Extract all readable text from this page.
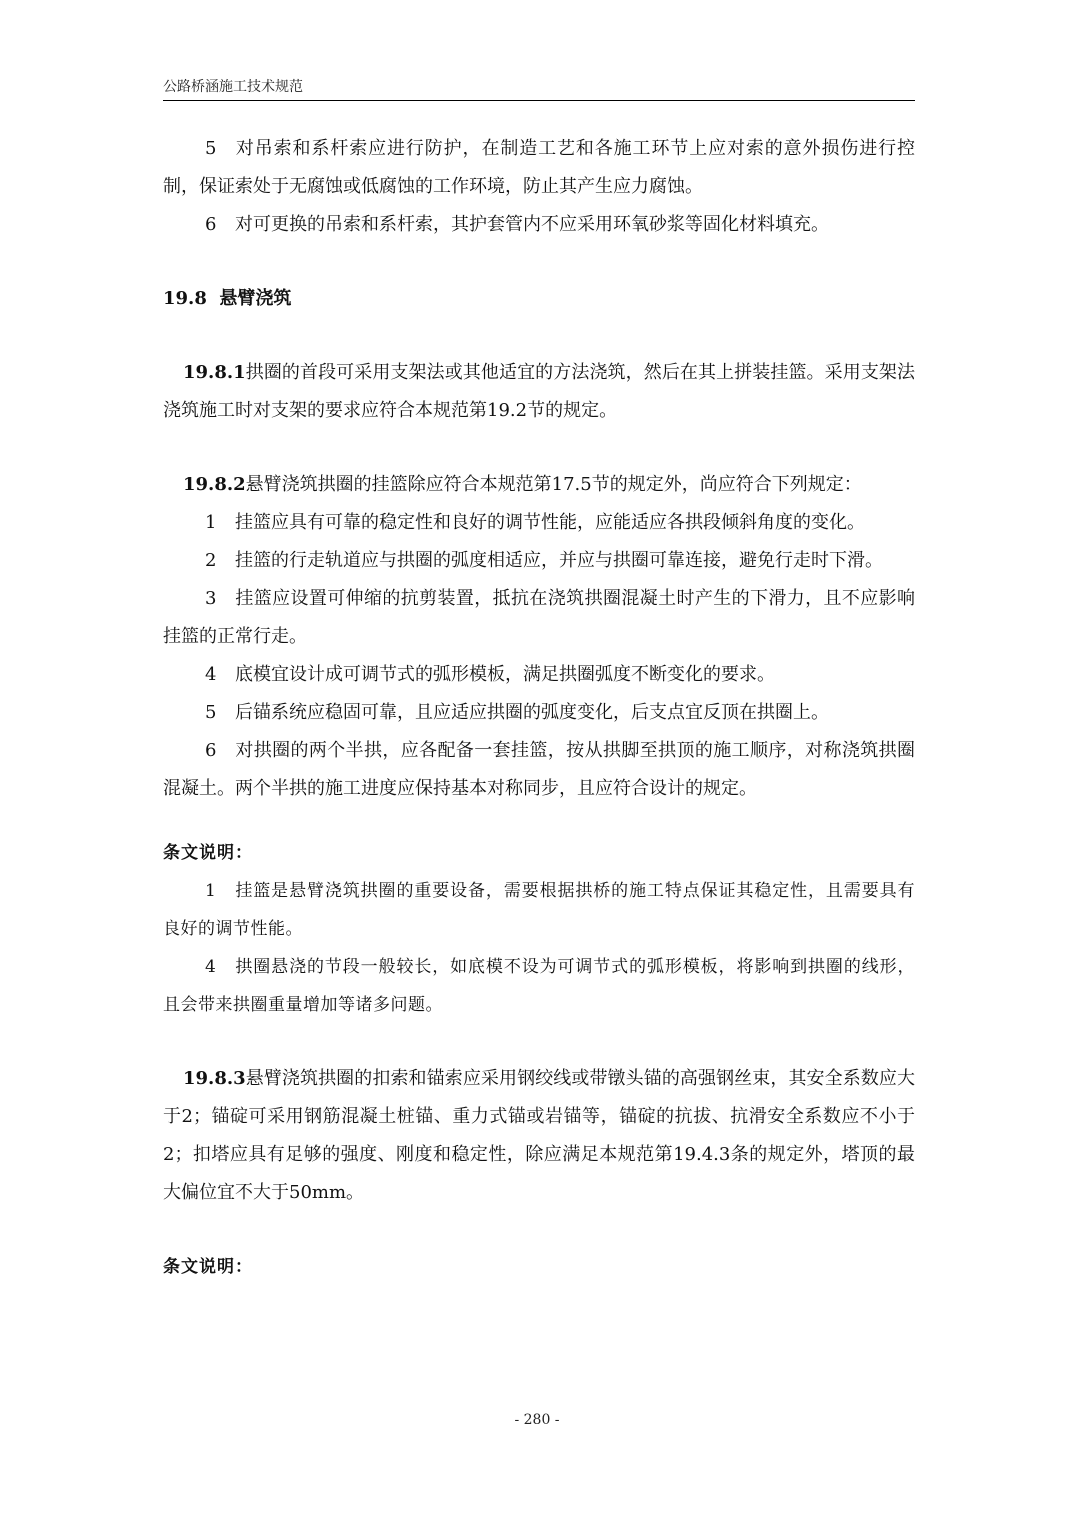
公路桥涵施工技术规范

5 对吊索和系杆索应进行防护，在制造工艺和各施工环节上应对索的意外损伤进行控制，保证索处于无腐蚀或低腐蚀的工作环境，防止其产生应力腐蚀。

6 对可更换的吊索和系杆索，其护套管内不应采用环氧砂浆等固化材料填充。

19.8 悬臂浇筑

19.8.1拱圈的首段可采用支架法或其他适宜的方法浇筑，然后在其上拼装挂篮。采用支架法浇筑施工时对支架的要求应符合本规范第19.2节的规定。

19.8.2悬臂浇筑拱圈的挂篮除应符合本规范第17.5节的规定外，尚应符合下列规定：

1 挂篮应具有可靠的稳定性和良好的调节性能，应能适应各拱段倾斜角度的变化。

2 挂篮的行走轨道应与拱圈的弧度相适应，并应与拱圈可靠连接，避免行走时下滑。

3 挂篮应设置可伸缩的抗剪装置，抵抗在浇筑拱圈混凝土时产生的下滑力，且不应影响挂篮的正常行走。

4 底模宜设计成可调节式的弧形模板，满足拱圈弧度不断变化的要求。

5 后锚系统应稳固可靠，且应适应拱圈的弧度变化，后支点宜反顶在拱圈上。

6 对拱圈的两个半拱，应各配备一套挂篮，按从拱脚至拱顶的施工顺序，对称浇筑拱圈混凝土。两个半拱的施工进度应保持基本对称同步，且应符合设计的规定。

条文说明：

1 挂篮是悬臂浇筑拱圈的重要设备，需要根据拱桥的施工特点保证其稳定性，且需要具有良好的调节性能。

4 拱圈悬浇的节段一般较长，如底模不设为可调节式的弧形模板，将影响到拱圈的线形，且会带来拱圈重量增加等诸多问题。

19.8.3悬臂浇筑拱圈的扣索和锚索应采用钢绞线或带镦头锚的高强钢丝束，其安全系数应大于2；锚碇可采用钢筋混凝土桩锚、重力式锚或岩锚等，锚碇的抗拔、抗滑安全系数应不小于2；扣塔应具有足够的强度、刚度和稳定性，除应满足本规范第19.4.3条的规定外，塔顶的最大偏位宜不大于50mm。

条文说明：
- 280 -
